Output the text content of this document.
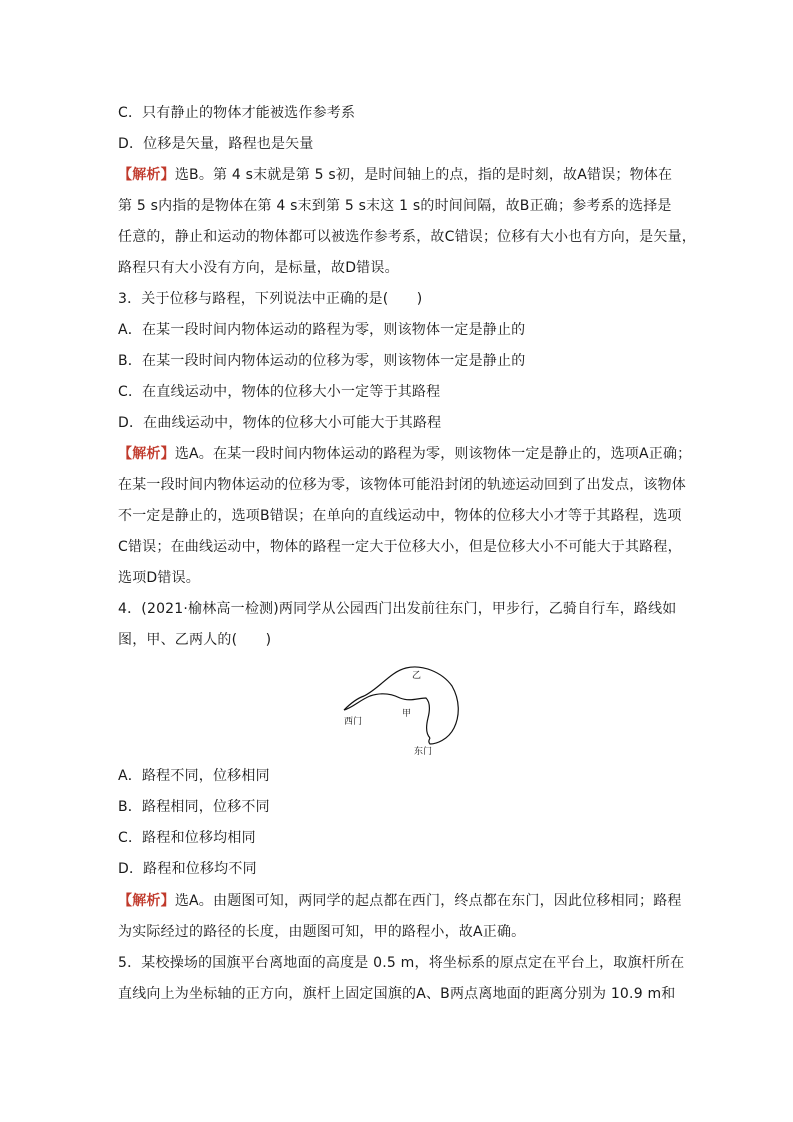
C．只有静止的物体才能被选作参考系
D．位移是矢量，路程也是矢量
【解析】选B。第 4 s末就是第 5 s初，是时间轴上的点，指的是时刻，故A错误；物体在
第 5 s内指的是物体在第 4 s末到第 5 s末这 1 s的时间间隔，故B正确；参考系的选择是
任意的，静止和运动的物体都可以被选作参考系，故C错误；位移有大小也有方向，是矢量，
路程只有大小没有方向，是标量，故D错误。
3．关于位移与路程，下列说法中正确的是(　　)
A．在某一段时间内物体运动的路程为零，则该物体一定是静止的
B．在某一段时间内物体运动的位移为零，则该物体一定是静止的
C．在直线运动中，物体的位移大小一定等于其路程
D．在曲线运动中，物体的位移大小可能大于其路程
【解析】选A。在某一段时间内物体运动的路程为零，则该物体一定是静止的，选项A正确；
在某一段时间内物体运动的位移为零，该物体可能沿封闭的轨迹运动回到了出发点，该物体
不一定是静止的，选项B错误；在单向的直线运动中，物体的位移大小才等于其路程，选项
C错误；在曲线运动中，物体的路程一定大于位移大小，但是位移大小不可能大于其路程，
选项D错误。
4．(2021·榆林高一检测)两同学从公园西门出发前往东门，甲步行，乙骑自行车，路线如
图，甲、乙两人的(　　)
乙
甲
西门
东门
A．路程不同，位移相同
B．路程相同，位移不同
C．路程和位移均相同
D．路程和位移均不同
【解析】选A。由题图可知，两同学的起点都在西门，终点都在东门，因此位移相同；路程
为实际经过的路径的长度，由题图可知，甲的路程小，故A正确。
5．某校操场的国旗平台离地面的高度是 0.5 m，将坐标系的原点定在平台上，取旗杆所在
直线向上为坐标轴的正方向，旗杆上固定国旗的A、B两点离地面的距离分别为 10.9 m和
